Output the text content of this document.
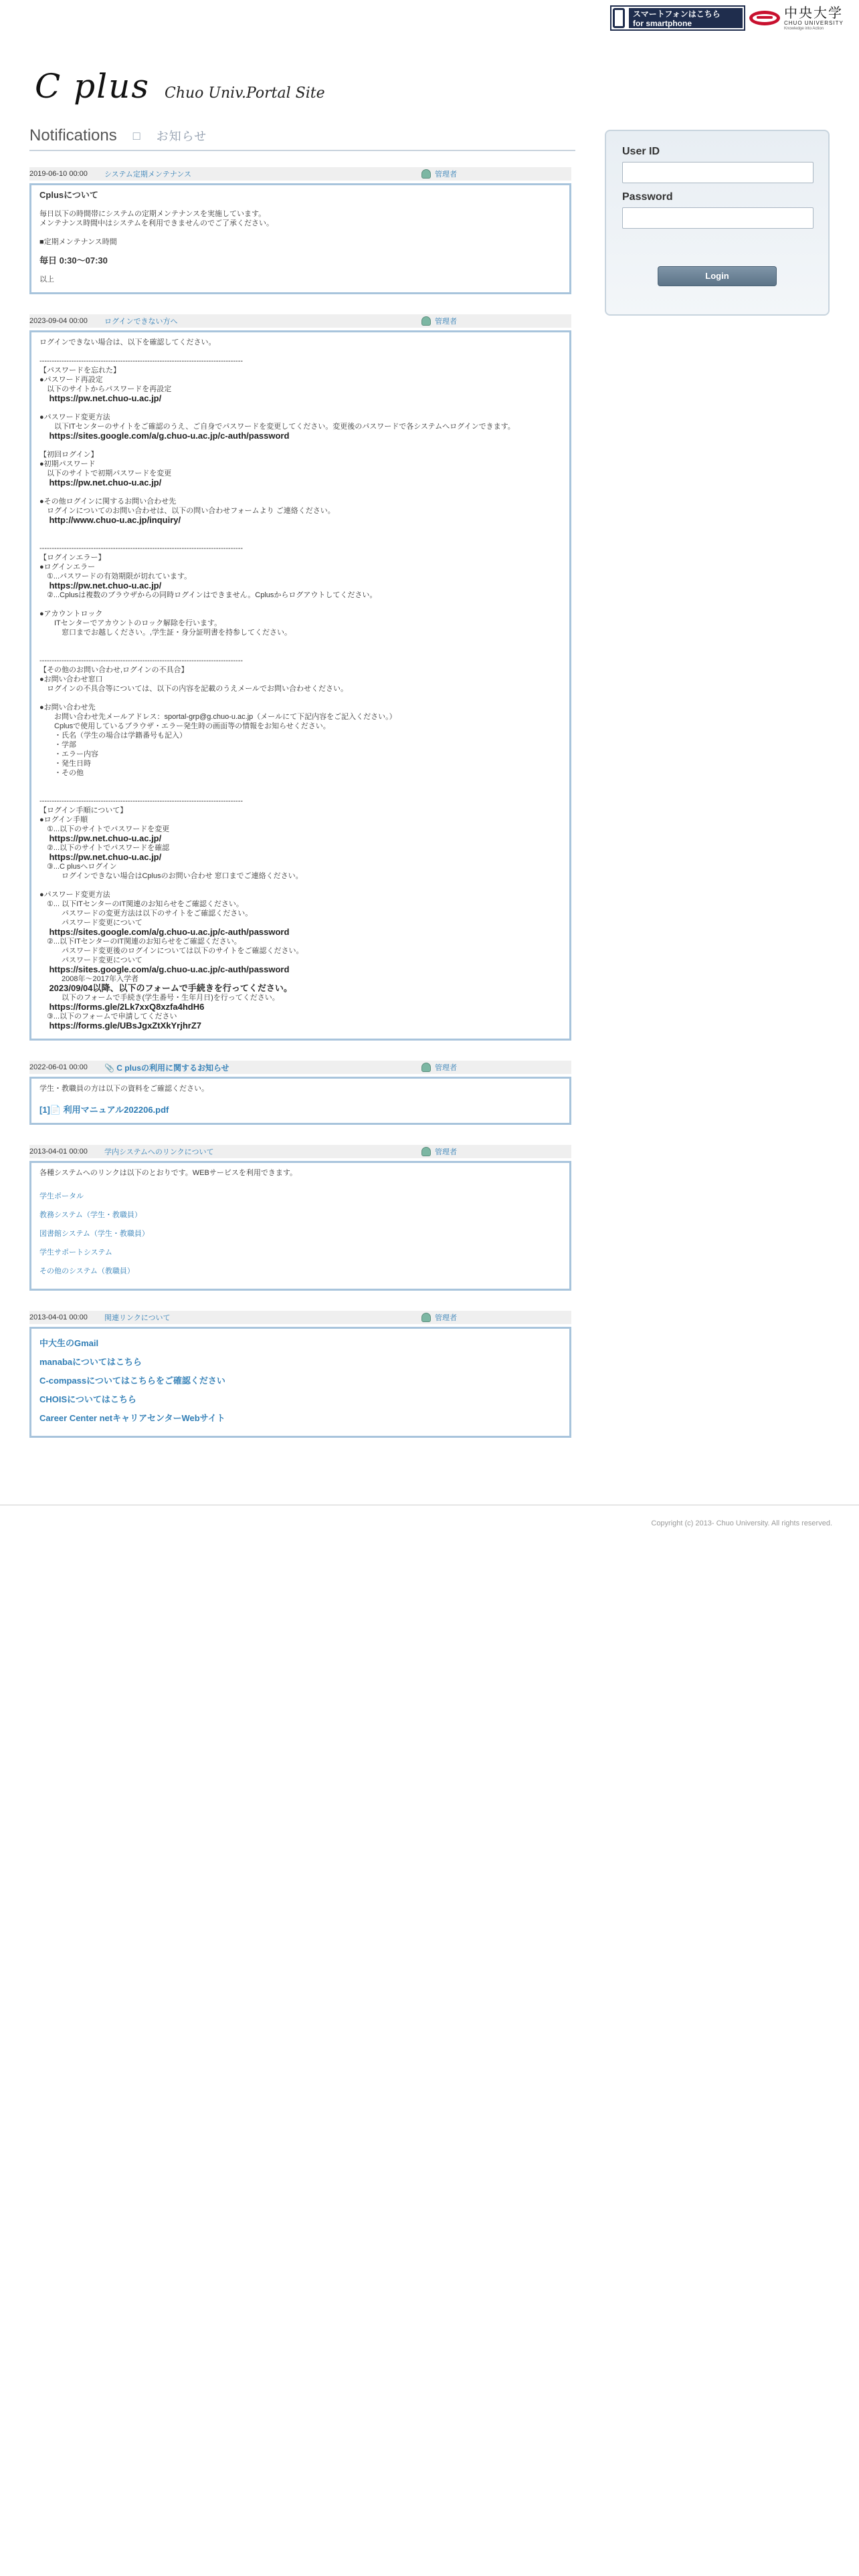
スマートフォンはこちら
for smartphone
中央大学
CHUO UNIVERSITY
Knowledge into Action
C plus Chuo Univ.Portal Site
Notifications □ お知らせ
2019-06-10 00:00	システム定期メンテナンス	管理者
Cplusについて
毎日以下の時間帯にシステムの定期メンテナンスを実施しています。
メンテナンス時間中はシステムを利用できませんのでご了承ください。
■定期メンテナンス時間
毎日 0:30〜07:30
以上
2023-09-04 00:00	ログインできない方へ	管理者
ログインできない場合は、以下を確認してください。
-----------------------------------------------------------------------------------
【パスワードを忘れた】
●パスワード再設定
　以下のサイトからパスワードを再設定
https://pw.net.chuo-u.ac.jp/
●パスワード変更方法
　　以下ITセンターのサイトをご確認のうえ、ご自身でパスワードを変更してください。変更後のパスワードで各システムへログインできます。
https://sites.google.com/a/g.chuo-u.ac.jp/c-auth/password
【初回ログイン】
●初期パスワード
　以下のサイトで初期パスワードを変更
https://pw.net.chuo-u.ac.jp/
●その他ログインに関するお問い合わせ先
　ログインについてのお問い合わせは、以下の問い合わせフォームより ご連絡ください。
http://www.chuo-u.ac.jp/inquiry/
-----------------------------------------------------------------------------------
【ログインエラー】
●ログインエラー
　①...パスワードの有効期限が切れています。
https://pw.net.chuo-u.ac.jp/
　②...Cplusは複数のブラウザからの同時ログインはできません。Cplusからログアウトしてください。
●アカウントロック
　　ITセンターでアカウントのロック解除を行います。
　　　窓口までお越しください。,学生証・身分証明書を持参してください。
-----------------------------------------------------------------------------------
【その他のお問い合わせ,ログインの不具合】
●お問い合わせ窓口
　ログインの不具合等については、以下の内容を記載のうえメールでお問い合わせください。
●お問い合わせ先
　　お問い合わせ先メールアドレス：sportal-grp@g.chuo-u.ac.jp（メールにて下記内容をご記入ください。）
　　Cplusで使用しているブラウザ・エラー発生時の画面等の情報をお知らせください。
　　・氏名（学生の場合は学籍番号も記入）
　　・学部
　　・エラー内容
　　・発生日時
　　・その他
-----------------------------------------------------------------------------------
【ログイン手順について】
●ログイン手順
　①...以下のサイトでパスワードを変更
https://pw.net.chuo-u.ac.jp/
　②...以下のサイトでパスワードを確認
https://pw.net.chuo-u.ac.jp/
　③...C plusへログイン
　　　ログインできない場合はCplusのお問い合わせ 窓口までご連絡ください。
●パスワード変更方法
　①... 以下ITセンターのIT関連のお知らせをご確認ください。
　　　パスワードの変更方法は以下のサイトをご確認ください。
　　　パスワード変更について
https://sites.google.com/a/g.chuo-u.ac.jp/c-auth/password
　②...以下ITセンターのIT関連のお知らせをご確認ください。
　　　パスワード変更後のログインについては以下のサイトをご確認ください。
　　　パスワード変更について
https://sites.google.com/a/g.chuo-u.ac.jp/c-auth/password
　　　2008年〜2017年入学者
2023/09/04以降、以下のフォームで手続きを行ってください。
　　　以下のフォームで手続き(学生番号・生年月日)を行ってください。
https://forms.gle/2Lk7xxQ8xzfa4hdH6
　③...以下のフォームで申請してください
https://forms.gle/UBsJgxZtXkYrjhrZ7
2022-06-01 00:00	📎 C plusの利用に関するお知らせ	管理者
学生・教職員の方は以下の資料をご確認ください。
[1]📄 利用マニュアル202206.pdf
2013-04-01 00:00	学内システムへのリンクについて	管理者
各種システムへのリンクは以下のとおりです。WEBサービスを利用できます。
学生ポータル
教務システム（学生・教職員）
図書館システム（学生・教職員）
学生サポートシステム
その他のシステム（教職員）
2013-04-01 00:00	関連リンクについて	管理者
中大生のGmail
manabaについてはこちら
C-compassについてはこちらをご確認ください
CHOISについてはこちら
Career Center netキャリアセンターWebサイト
User ID
Password
Login
Copyright (c) 2013- Chuo University. All rights reserved.
